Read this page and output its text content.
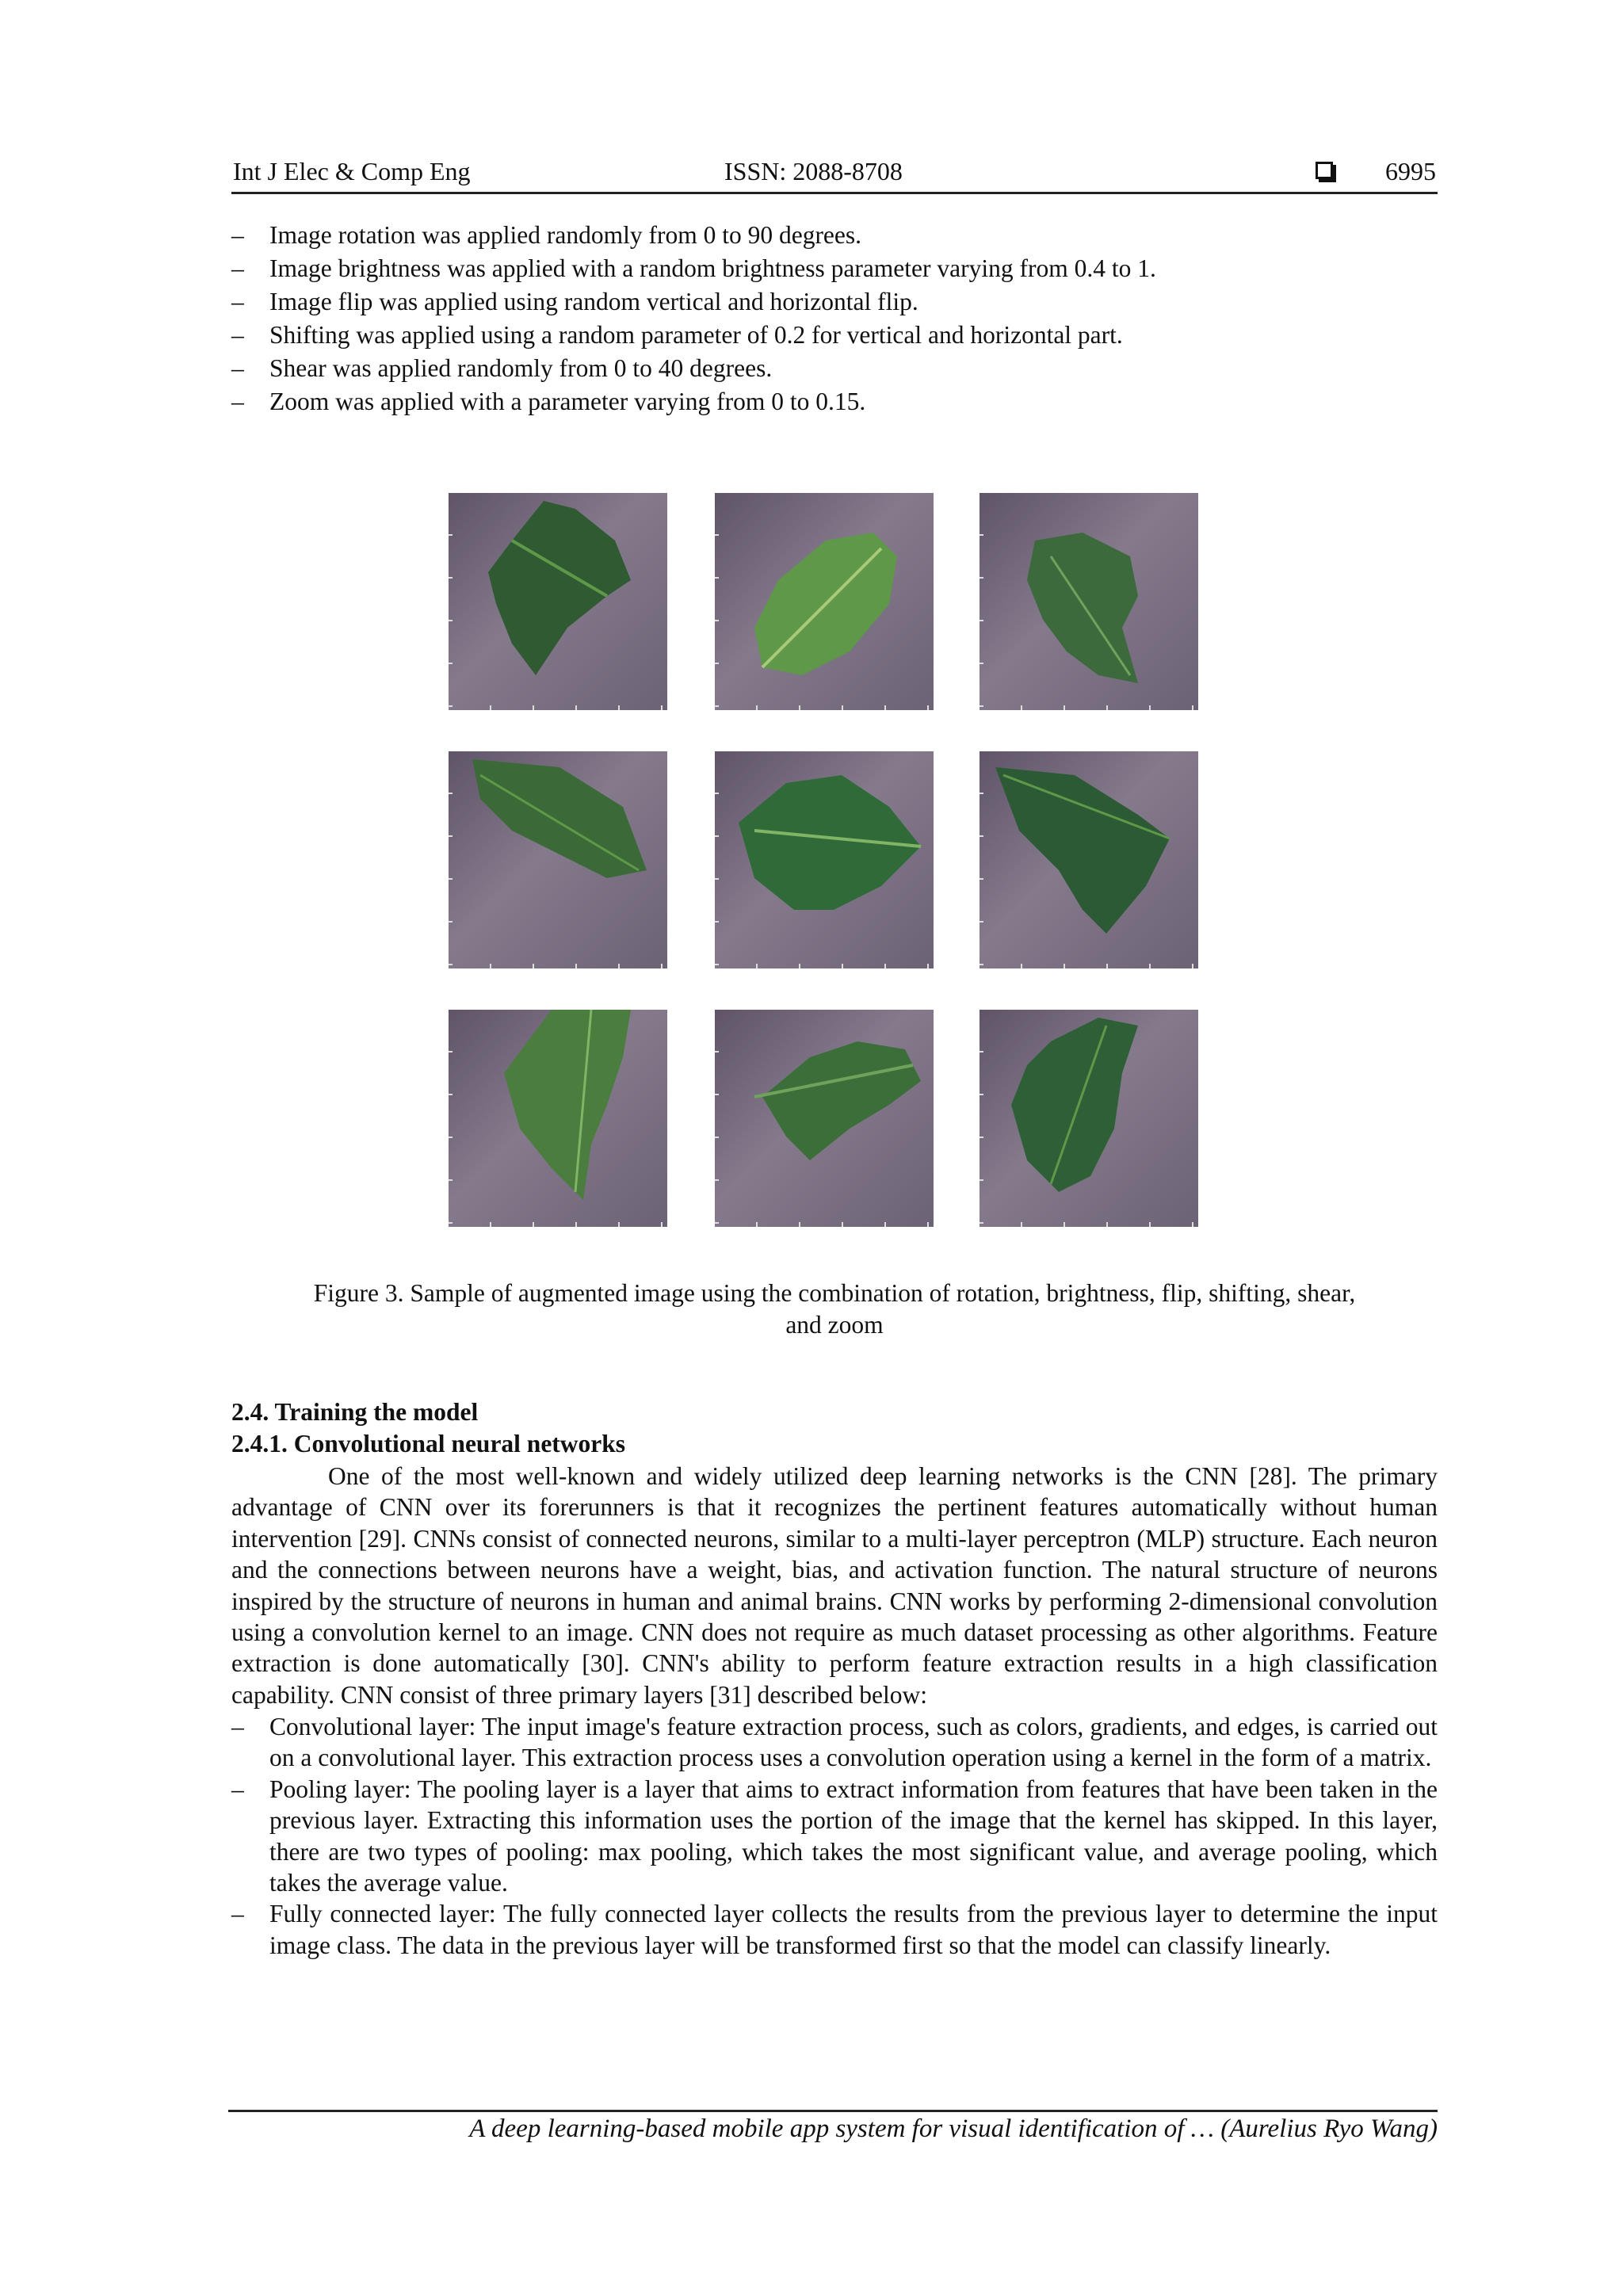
Int J Elec & Comp Eng	ISSN: 2088-8708	6995
– Image rotation was applied randomly from 0 to 90 degrees.
– Image brightness was applied with a random brightness parameter varying from 0.4 to 1.
– Image flip was applied using random vertical and horizontal flip.
– Shifting was applied using a random parameter of 0.2 for vertical and horizontal part.
– Shear was applied randomly from 0 to 40 degrees.
– Zoom was applied with a parameter varying from 0 to 0.15.
Figure 3. Sample of augmented image using the combination of rotation, brightness, flip, shifting, shear,
and zoom
2.4. Training the model
2.4.1. Convolutional neural networks

One of the most well-known and widely utilized deep learning networks is the CNN [28]. The primary advantage of CNN over its forerunners is that it recognizes the pertinent features automatically without human intervention [29]. CNNs consist of connected neurons, similar to a multi-layer perceptron (MLP) structure. Each neuron and the connections between neurons have a weight, bias, and activation function. The natural structure of neurons inspired by the structure of neurons in human and animal brains. CNN works by performing 2-dimensional convolution using a convolution kernel to an image. CNN does not require as much dataset processing as other algorithms. Feature extraction is done automatically [30]. CNN's ability to perform feature extraction results in a high classification capability. CNN consist of three primary layers [31] described below:

– Convolutional layer: The input image's feature extraction process, such as colors, gradients, and edges, is carried out on a convolutional layer. This extraction process uses a convolution operation using a kernel in the form of a matrix.
– Pooling layer: The pooling layer is a layer that aims to extract information from features that have been taken in the previous layer. Extracting this information uses the portion of the image that the kernel has skipped. In this layer, there are two types of pooling: max pooling, which takes the most significant value, and average pooling, which takes the average value.
– Fully connected layer: The fully connected layer collects the results from the previous layer to determine the input image class. The data in the previous layer will be transformed first so that the model can classify linearly.
A deep learning-based mobile app system for visual identification of … (Aurelius Ryo Wang)
